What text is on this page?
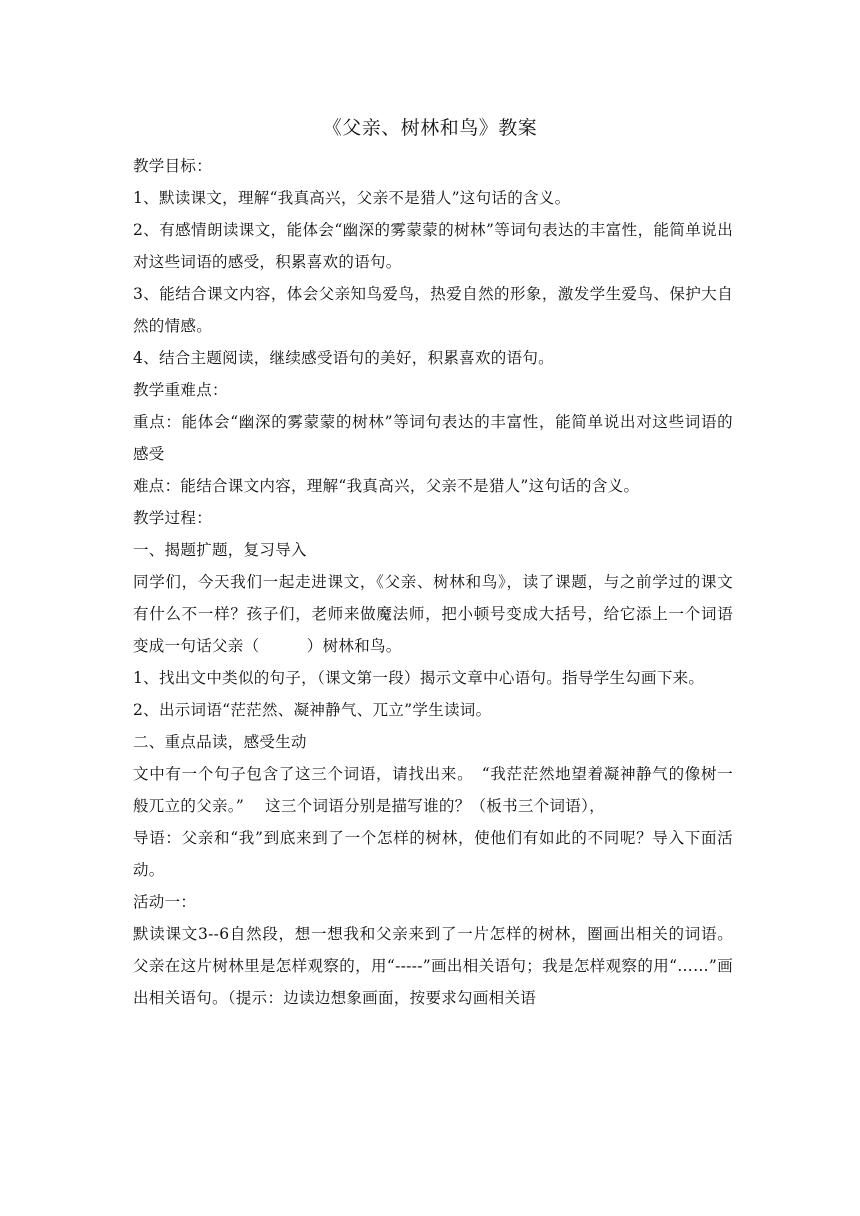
《父亲、树林和鸟》教案

教学目标：

1、默读课文，理解“我真高兴，父亲不是猎人”这句话的含义。

2、有感情朗读课文，能体会“幽深的雾蒙蒙的树林”等词句表达的丰富性，能简单说出对这些词语的感受，积累喜欢的语句。

3、能结合课文内容，体会父亲知鸟爱鸟，热爱自然的形象，激发学生爱鸟、保护大自然的情感。

4、结合主题阅读，继续感受语句的美好，积累喜欢的语句。

教学重难点：

重点：能体会“幽深的雾蒙蒙的树林”等词句表达的丰富性，能简单说出对这些词语的感受

难点：能结合课文内容，理解“我真高兴，父亲不是猎人”这句话的含义。

教学过程：

一、揭题扩题，复习导入

同学们，今天我们一起走进课文，《父亲、树林和鸟》，读了课题，与之前学过的课文有什么不一样？孩子们，老师来做魔法师，把小顿号变成大括号，给它添上一个词语变成一句话父亲（　　　）树林和鸟。

1、找出文中类似的句子，（课文第一段）揭示文章中心语句。指导学生勾画下来。

2、出示词语“茫茫然、凝神静气、兀立”学生读词。

二、重点品读，感受生动

文中有一个句子包含了这三个词语，请找出来。　“我茫茫然地望着凝神静气的像树一般兀立的父亲。”　 这三个词语分别是描写谁的？（板书三个词语），

导语：父亲和“我”到底来到了一个怎样的树林，使他们有如此的不同呢？导入下面活动。

活动一：

默读课文3--6自然段，想一想我和父亲来到了一片怎样的树林，圈画出相关的词语。父亲在这片树林里是怎样观察的，用“-----”画出相关语句；我是怎样观察的用“……”画出相关语句。（提示：边读边想象画面，按要求勾画相关语
